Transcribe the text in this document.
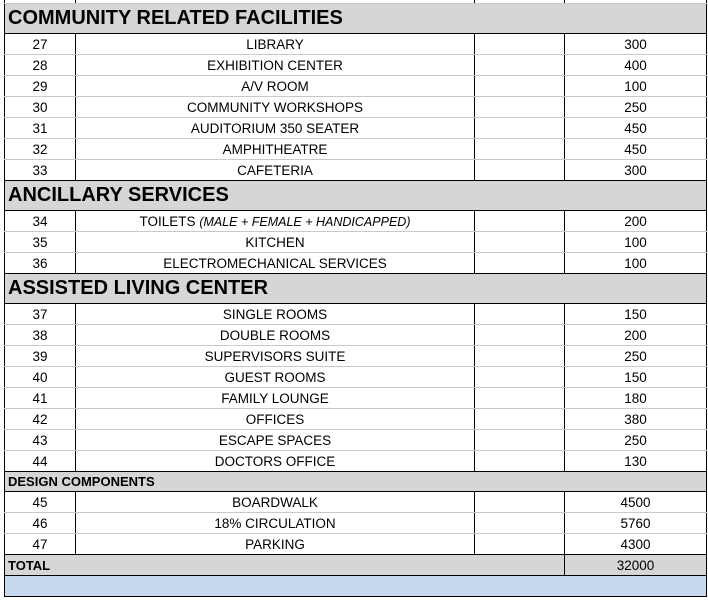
COMMUNITY RELATED FACILITIES			
27	LIBRARY		300
28	EXHIBITION CENTER		400
29	A/V ROOM		100
30	COMMUNITY WORKSHOPS		250
31	AUDITORIUM 350 SEATER		450
32	AMPHITHEATRE		450
33	CAFETERIA		300
ANCILLARY SERVICES			
34	TOILETS (MALE + FEMALE + HANDICAPPED)		200
35	KITCHEN		100
36	ELECTROMECHANICAL SERVICES		100
ASSISTED LIVING CENTER			
37	SINGLE ROOMS		150
38	DOUBLE ROOMS		200
39	SUPERVISORS SUITE		250
40	GUEST ROOMS		150
41	FAMILY LOUNGE		180
42	OFFICES		380
43	ESCAPE SPACES		250
44	DOCTORS OFFICE		130
DESIGN COMPONENTS			
45	BOARDWALK		4500
46	18% CIRCULATION		5760
47	PARKING		4300
TOTAL			32000
